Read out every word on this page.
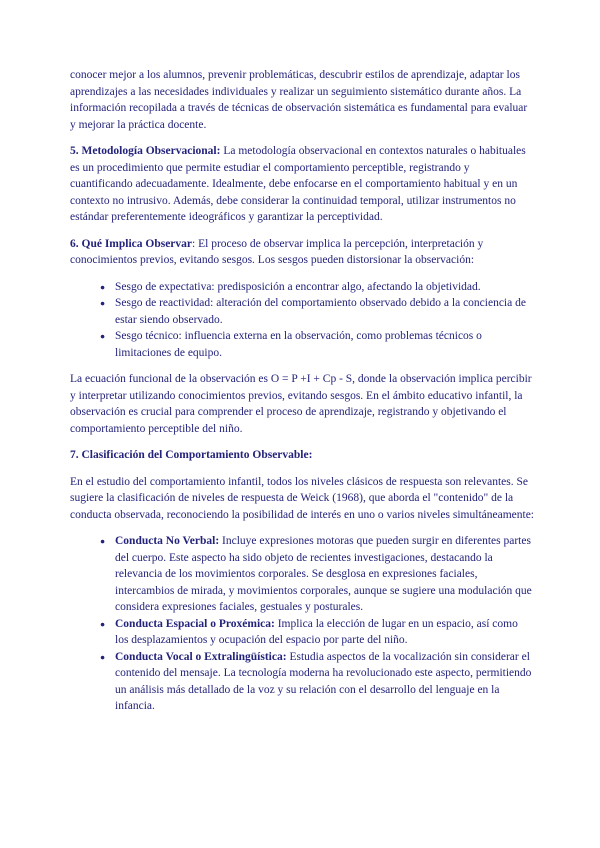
conocer mejor a los alumnos, prevenir problemáticas, descubrir estilos de aprendizaje, adaptar los aprendizajes a las necesidades individuales y realizar un seguimiento sistemático durante años. La información recopilada a través de técnicas de observación sistemática es fundamental para evaluar y mejorar la práctica docente.

5. Metodología Observacional: La metodología observacional en contextos naturales o habituales es un procedimiento que permite estudiar el comportamiento perceptible, registrando y cuantificando adecuadamente. Idealmente, debe enfocarse en el comportamiento habitual y en un contexto no intrusivo. Además, debe considerar la continuidad temporal, utilizar instrumentos no estándar preferentemente ideográficos y garantizar la perceptividad.

6. Qué Implica Observar: El proceso de observar implica la percepción, interpretación y conocimientos previos, evitando sesgos. Los sesgos pueden distorsionar la observación:

● Sesgo de expectativa: predisposición a encontrar algo, afectando la objetividad.
● Sesgo de reactividad: alteración del comportamiento observado debido a la conciencia de estar siendo observado.
● Sesgo técnico: influencia externa en la observación, como problemas técnicos o limitaciones de equipo.

La ecuación funcional de la observación es O = P +I + Cp - S, donde la observación implica percibir y interpretar utilizando conocimientos previos, evitando sesgos. En el ámbito educativo infantil, la observación es crucial para comprender el proceso de aprendizaje, registrando y objetivando el comportamiento perceptible del niño.

7. Clasificación del Comportamiento Observable:

En el estudio del comportamiento infantil, todos los niveles clásicos de respuesta son relevantes. Se sugiere la clasificación de niveles de respuesta de Weick (1968), que aborda el "contenido" de la conducta observada, reconociendo la posibilidad de interés en uno o varios niveles simultáneamente:

● Conducta No Verbal: Incluye expresiones motoras que pueden surgir en diferentes partes del cuerpo. Este aspecto ha sido objeto de recientes investigaciones, destacando la relevancia de los movimientos corporales. Se desglosa en expresiones faciales, intercambios de mirada, y movimientos corporales, aunque se sugiere una modulación que considera expresiones faciales, gestuales y posturales.
● Conducta Espacial o Proxémica: Implica la elección de lugar en un espacio, así como los desplazamientos y ocupación del espacio por parte del niño.
● Conducta Vocal o Extralingüística: Estudia aspectos de la vocalización sin considerar el contenido del mensaje. La tecnología moderna ha revolucionado este aspecto, permitiendo un análisis más detallado de la voz y su relación con el desarrollo del lenguaje en la infancia.
